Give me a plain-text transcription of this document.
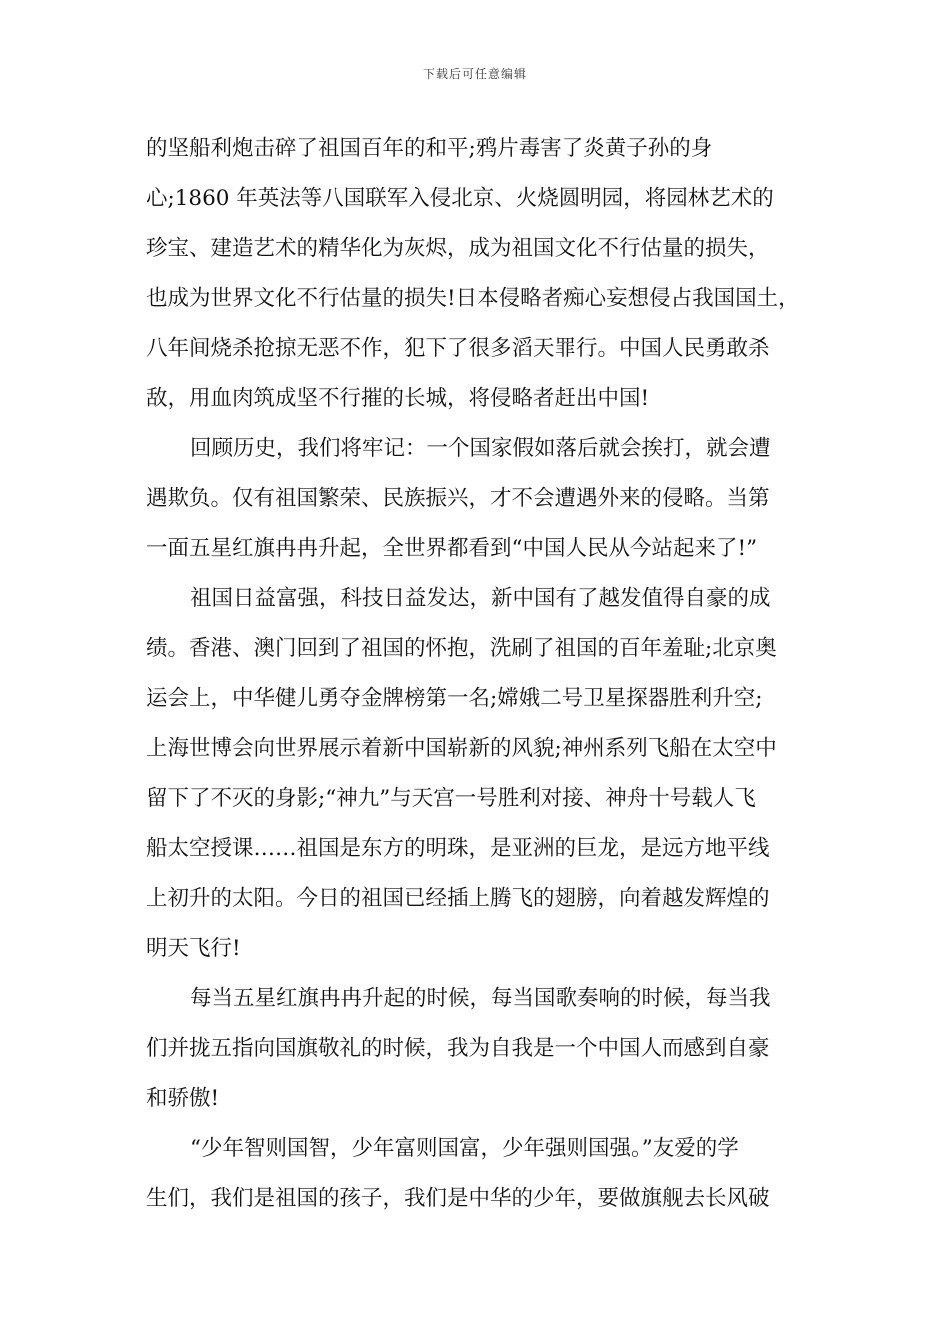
下载后可任意编辑
的坚船利炮击碎了祖国百年的和平;鸦片毒害了炎黄子孙的身
心;1860 年英法等八国联军入侵北京、火烧圆明园，将园林艺术的
珍宝、建造艺术的精华化为灰烬，成为祖国文化不行估量的损失，
也成为世界文化不行估量的损失!日本侵略者痴心妄想侵占我国国土，
八年间烧杀抢掠无恶不作，犯下了很多滔天罪行。中国人民勇敢杀
敌，用血肉筑成坚不行摧的长城，将侵略者赶出中国!
回顾历史，我们将牢记：一个国家假如落后就会挨打，就会遭
遇欺负。仅有祖国繁荣、民族振兴，才不会遭遇外来的侵略。当第
一面五星红旗冉冉升起，全世界都看到“中国人民从今站起来了!”
祖国日益富强，科技日益发达，新中国有了越发值得自豪的成
绩。香港、澳门回到了祖国的怀抱，洗刷了祖国的百年羞耻;北京奥
运会上，中华健儿勇夺金牌榜第一名;嫦娥二号卫星探器胜利升空;
上海世博会向世界展示着新中国崭新的风貌;神州系列飞船在太空中
留下了不灭的身影;“神九”与天宫一号胜利对接、神舟十号载人飞
船太空授课……祖国是东方的明珠，是亚洲的巨龙，是远方地平线
上初升的太阳。今日的祖国已经插上腾飞的翅膀，向着越发辉煌的
明天飞行!
每当五星红旗冉冉升起的时候，每当国歌奏响的时候，每当我
们并拢五指向国旗敬礼的时候，我为自我是一个中国人而感到自豪
和骄傲!
“少年智则国智，少年富则国富，少年强则国强。”友爱的学
生们，我们是祖国的孩子，我们是中华的少年，要做旗舰去长风破
